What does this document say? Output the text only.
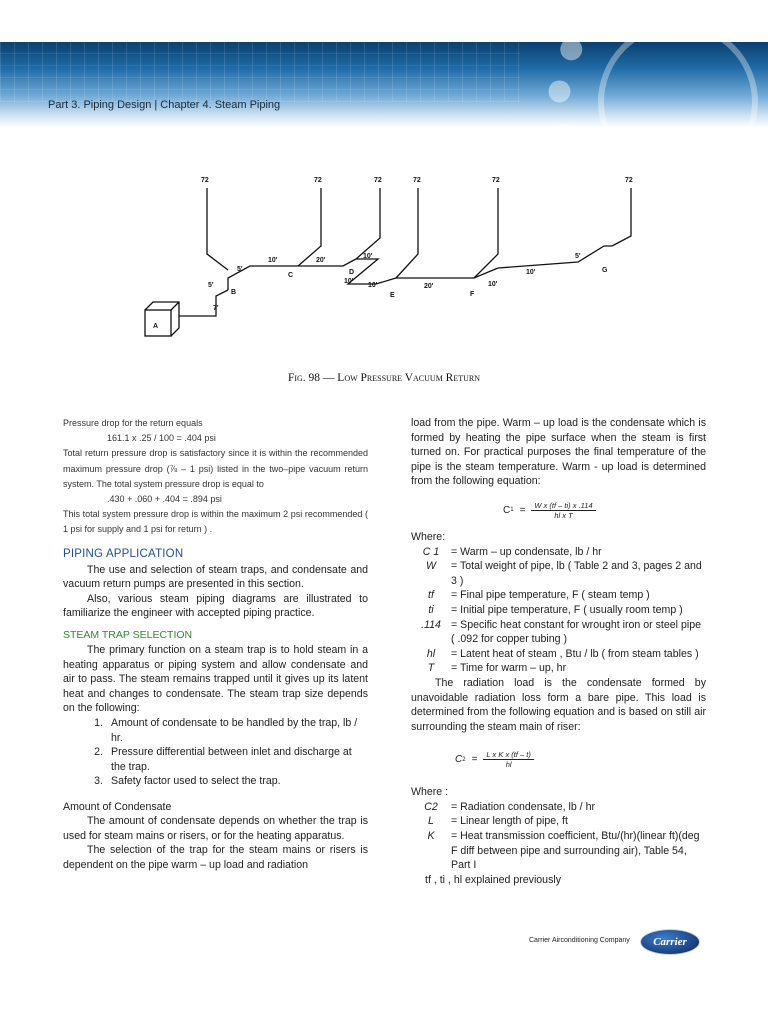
Part 3. Piping Design | Chapter 4. Steam Piping
72	72	72	72	72	72
A
B
C	D
E	F
G
5'
7'
5'
10'	20'
10'
10'
10'	20'	10'
10'
5'
Fig. 98 — Low Pressure Vacuum Return

Pressure drop for the return equals

161.1 x .25 / 100 = .404 psi

Total return pressure drop is satisfactory since it is within the recommended maximum pressure drop (⅞ – 1 psi) listed in the two–pipe vacuum return system. The total system pressure drop is equal to

.430 + .060 + .404 = .894 psi

This total system pressure drop is within the maximum 2 psi recommended ( 1 psi for supply and 1 psi for return ) .

PIPING APPLICATION

The use and selection of steam traps, and condensate and vacuum return pumps are presented in this section.

Also, various steam piping diagrams are illustrated to familiarize the engineer with accepted piping practice.

STEAM TRAP SELECTION

The primary function on a steam trap is to hold steam in a heating apparatus or piping system and allow condensate and air to pass. The steam remains trapped until it gives up its latent heat and changes to condensate. The steam trap size depends on the following:

1. Amount of condensate to be handled by the trap, lb / hr.
2. Pressure differential between inlet and discharge at the trap.
3. Safety factor used to select the trap.
Amount of Condensate

The amount of condensate depends on whether the trap is used for steam mains or risers, or for the heating apparatus.

The selection of the trap for the steam mains or risers is dependent on the pipe warm – up load and radiation

load from the pipe. Warm – up load is the condensate which is formed by heating the pipe surface when the steam is first turned on. For practical purposes the final temperature of the pipe is the steam temperature. Warm - up load is determined from the following equation:

C $1 = \frac{\text{W x (tf – ti) x .114}}{\text{hl x T}}$
Where:
C 1	= Warm – up condensate, lb / hr
W	= Total weight of pipe, lb ( Table 2 and 3, pages 2 and 3 )
tf	= Final pipe temperature, F ( steam temp )
ti	= Initial pipe temperature, F ( usually room temp )
.114 = Specific heat constant for wrought iron or steel pipe ( .092 for copper tubing )
hl	= Latent heat of steam , Btu / lb ( from steam tables )
T	= Time for warm – up, hr

The radiation load is the condensate formed by unavoidable radiation loss form a bare pipe. This load is determined from the following equation and is based on still air surrounding the steam main of riser:

C $2 = \frac{\text{L x K x (tf – t)}}{hl}$
Where :
C2	= Radiation condensate, lb / hr
L	= Linear length of pipe, ft
K	= Heat transmission coefficient, Btu/(hr)(linear ft)(deg F diff between pipe and surrounding air), Table 54, Part I
tf , ti , hl explained previously
Carrier Airconditioning Company Carrier
